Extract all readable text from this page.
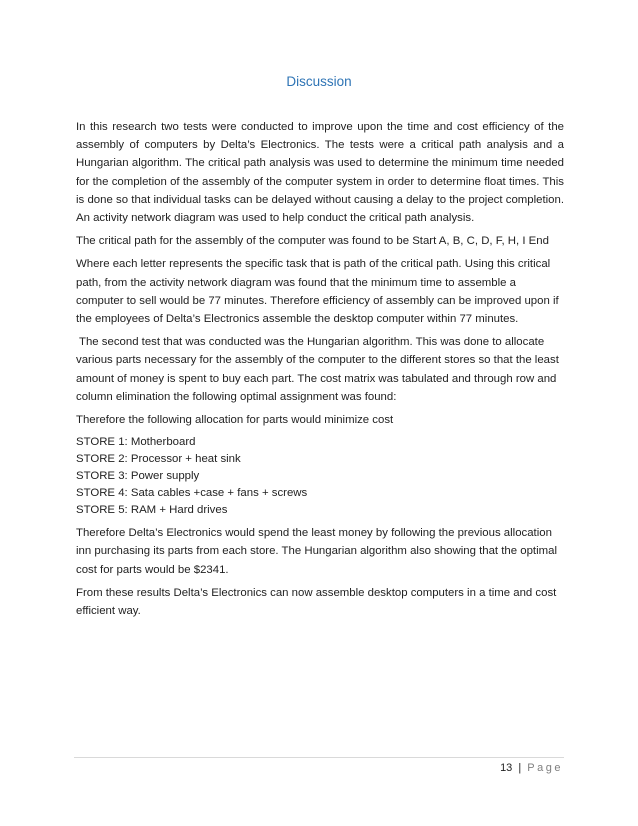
Discussion

In this research two tests were conducted to improve upon the time and cost efficiency of the assembly of computers by Delta’s Electronics. The tests were a critical path analysis and a Hungarian algorithm. The critical path analysis was used to determine the minimum time needed for the completion of the assembly of the computer system in order to determine float times. This is done so that individual tasks can be delayed without causing a delay to the project completion. An activity network diagram was used to help conduct the critical path analysis.

The critical path for the assembly of the computer was found to be Start A, B, C, D, F, H, I End

Where each letter represents the specific task that is path of the critical path. Using this critical path, from the activity network diagram was found that the minimum time to assemble a computer to sell would be 77 minutes. Therefore efficiency of assembly can be improved upon if the employees of Delta’s Electronics assemble the desktop computer within 77 minutes.

The second test that was conducted was the Hungarian algorithm. This was done to allocate various parts necessary for the assembly of the computer to the different stores so that the least amount of money is spent to buy each part. The cost matrix was tabulated and through row and column elimination the following optimal assignment was found:

Therefore the following allocation for parts would minimize cost

STORE 1: Motherboard
STORE 2: Processor + heat sink
STORE 3: Power supply
STORE 4: Sata cables +case + fans + screws
STORE 5: RAM + Hard drives

Therefore Delta’s Electronics would spend the least money by following the previous allocation inn purchasing its parts from each store. The Hungarian algorithm also showing that the optimal cost for parts would be $2341.

From these results Delta’s Electronics can now assemble desktop computers in a time and cost efficient way.

13 | Page
